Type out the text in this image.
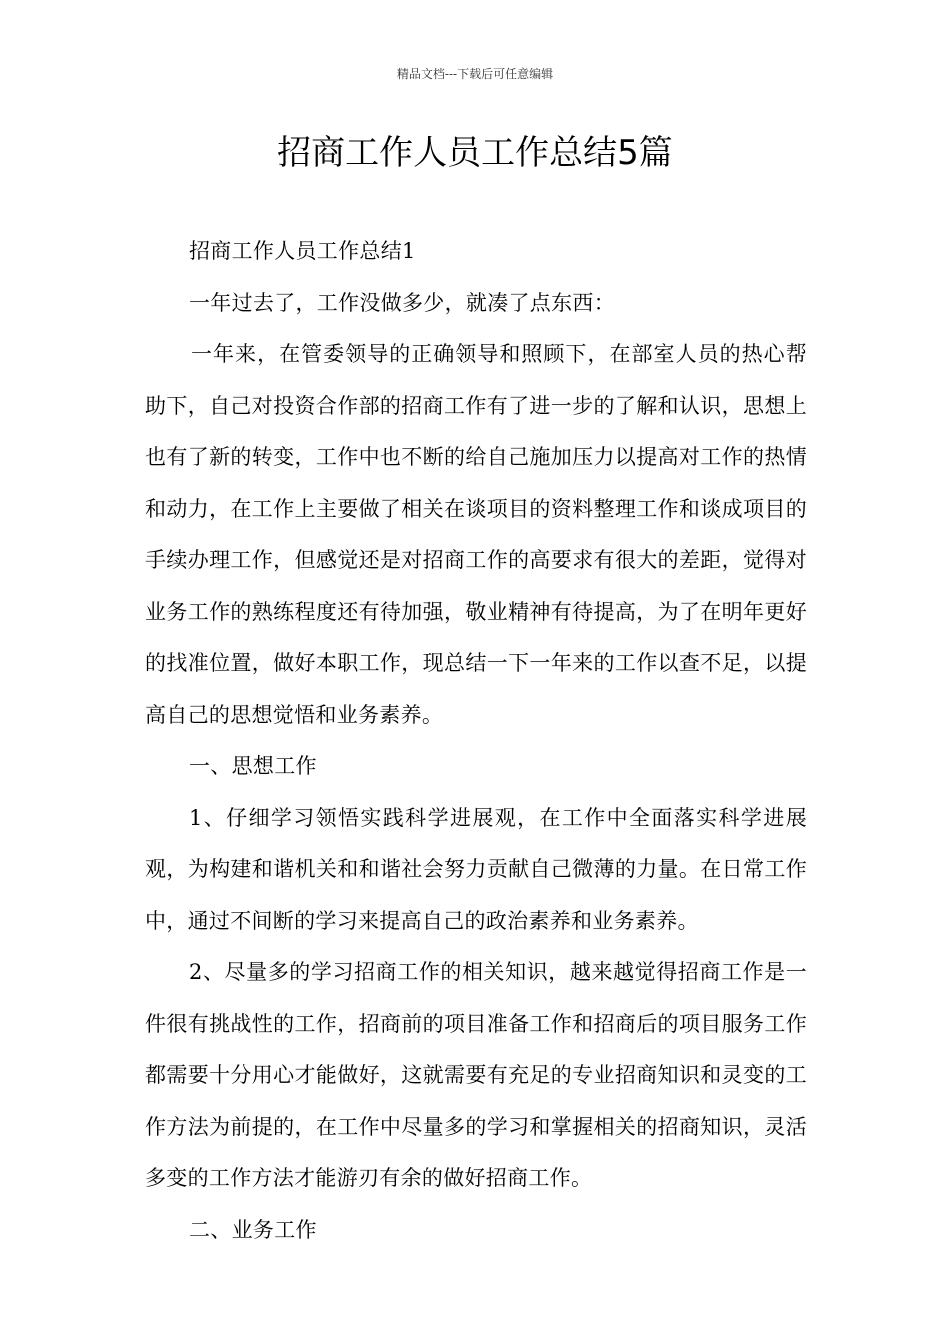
精品文档---下载后可任意编辑
招商工作人员工作总结5篇

招商工作人员工作总结1

一年过去了，工作没做多少，就凑了点东西：

一年来，在管委领导的正确领导和照顾下，在部室人员的热心帮助下，自己对投资合作部的招商工作有了进一步的了解和认识，思想上也有了新的转变，工作中也不断的给自己施加压力以提高对工作的热情和动力，在工作上主要做了相关在谈项目的资料整理工作和谈成项目的手续办理工作，但感觉还是对招商工作的高要求有很大的差距，觉得对业务工作的熟练程度还有待加强，敬业精神有待提高，为了在明年更好的找准位置，做好本职工作，现总结一下一年来的工作以查不足，以提高自己的思想觉悟和业务素养。

一、思想工作

1、仔细学习领悟实践科学进展观，在工作中全面落实科学进展观，为构建和谐机关和和谐社会努力贡献自己微薄的力量。在日常工作中，通过不间断的学习来提高自己的政治素养和业务素养。

2、尽量多的学习招商工作的相关知识，越来越觉得招商工作是一件很有挑战性的工作，招商前的项目准备工作和招商后的项目服务工作都需要十分用心才能做好，这就需要有充足的专业招商知识和灵变的工作方法为前提的，在工作中尽量多的学习和掌握相关的招商知识，灵活多变的工作方法才能游刃有余的做好招商工作。

二、业务工作
